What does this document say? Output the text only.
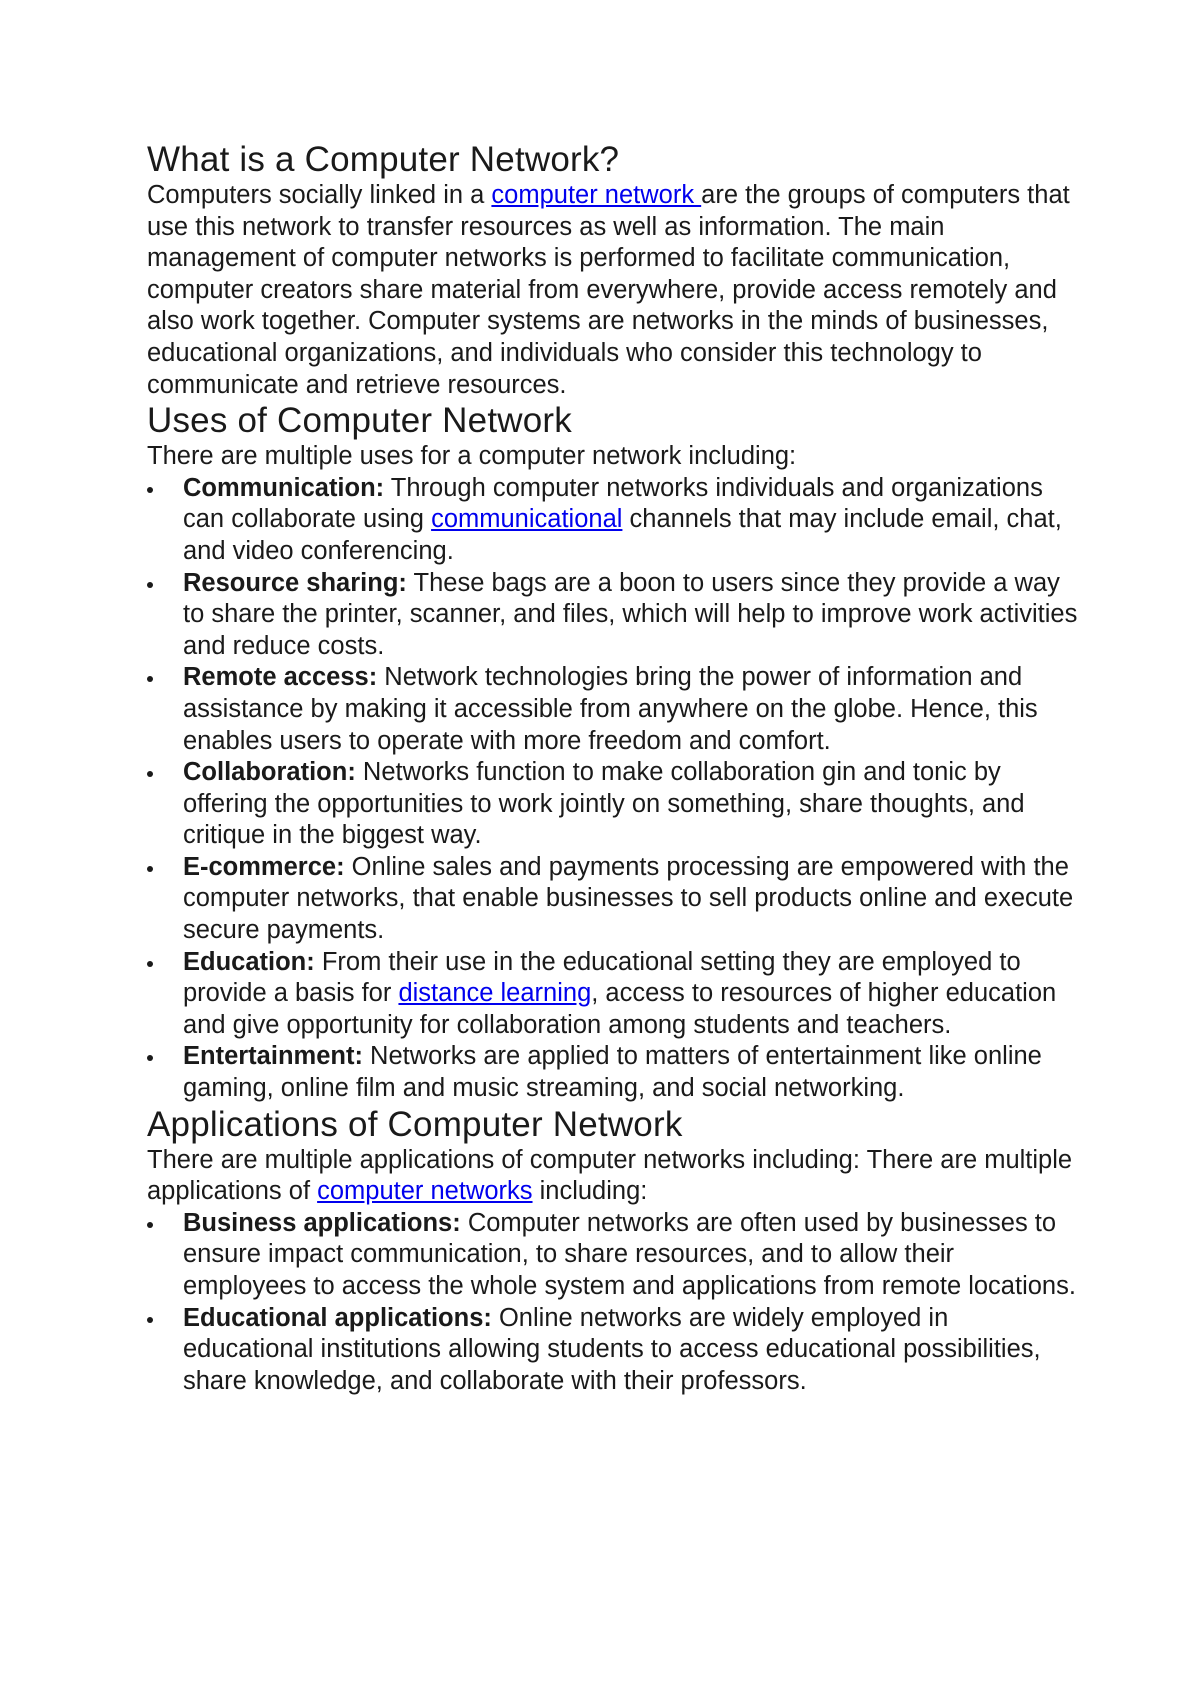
What is a Computer Network?

Computers socially linked in a computer network are the groups of computers that use this network to transfer resources as well as information. The main management of computer networks is performed to facilitate communication, computer creators share material from everywhere, provide access remotely and also work together. Computer systems are networks in the minds of businesses, educational organizations, and individuals who consider this technology to communicate and retrieve resources.

Uses of Computer Network

There are multiple uses for a computer network including:

Communication: Through computer networks individuals and organizations can collaborate using communicational channels that may include email, chat, and video conferencing.
Resource sharing: These bags are a boon to users since they provide a way to share the printer, scanner, and files, which will help to improve work activities and reduce costs.
Remote access: Network technologies bring the power of information and assistance by making it accessible from anywhere on the globe. Hence, this enables users to operate with more freedom and comfort.
Collaboration: Networks function to make collaboration gin and tonic by offering the opportunities to work jointly on something, share thoughts, and critique in the biggest way.
E-commerce: Online sales and payments processing are empowered with the computer networks, that enable businesses to sell products online and execute secure payments.
Education: From their use in the educational setting they are employed to provide a basis for distance learning, access to resources of higher education and give opportunity for collaboration among students and teachers.
Entertainment: Networks are applied to matters of entertainment like online gaming, online film and music streaming, and social networking.
Applications of Computer Network

There are multiple applications of computer networks including: There are multiple applications of computer networks including:

Business applications: Computer networks are often used by businesses to ensure impact communication, to share resources, and to allow their employees to access the whole system and applications from remote locations.
Educational applications: Online networks are widely employed in educational institutions allowing students to access educational possibilities, share knowledge, and collaborate with their professors.
